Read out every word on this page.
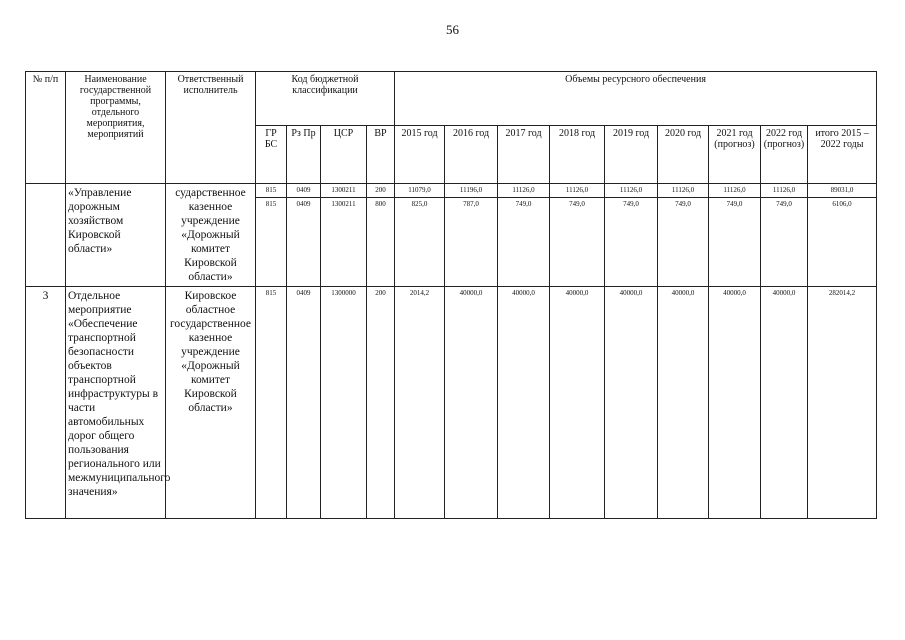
56
№ п/п	Наименование государственной программы, отдельного мероприятия, мероприятий	Ответственный исполнитель	Код бюджетной классификации				Объемы ресурсного обеспечения								
			ГР БС	Рз Пр	ЦСР	ВР	2015 год	2016 год	2017 год	2018 год	2019 год	2020 год	2021 год (прогноз)	2022 год (прогноз)	итого 2015 – 2022 годы
	«Управление дорожным хозяйством Кировской области»	сударственное казенное учреждение «Дорожный комитет Кировской области»	815	0409	1300211	200	11079,0	11196,0	11126,0	11126,0	11126,0	11126,0	11126,0	11126,0	89031,0
			815	0409	1300211	800	825,0	787,0	749,0	749,0	749,0	749,0	749,0	749,0	6106,0
3	Отдельное мероприятие «Обеспечение транспортной безопасности объектов транспортной инфраструктуры в части автомобильных дорог общего пользования регионального или межмуниципального значения»	Кировское областное государственное казенное учреждение «Дорожный комитет Кировской области»	815	0409	1300000	200	2014,2	40000,0	40000,0	40000,0	40000,0	40000,0	40000,0	40000,0	282014,2
